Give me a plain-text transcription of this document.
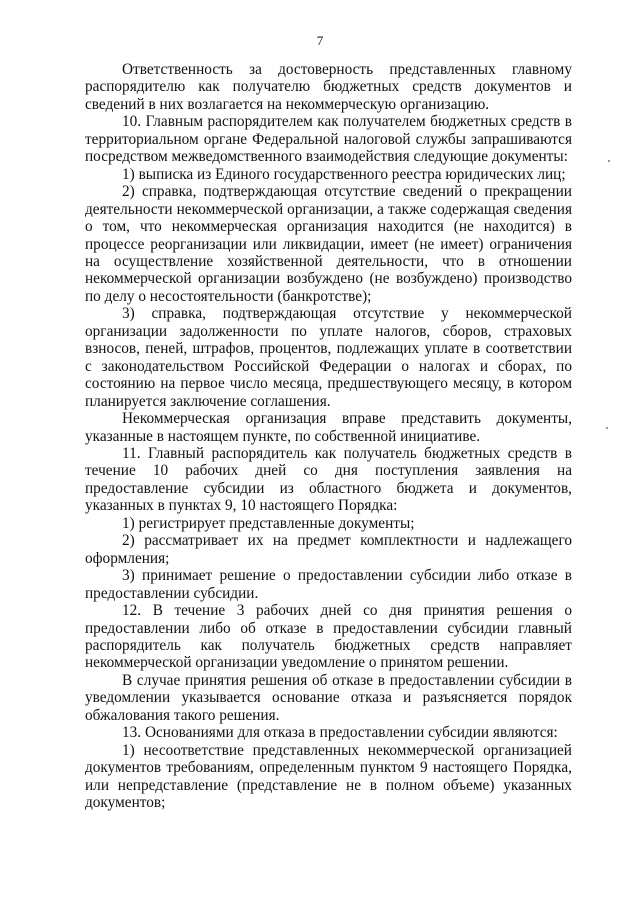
7

Ответственность за достоверность представленных главному распорядителю как получателю бюджетных средств документов и сведений в них возлагается на некоммерческую организацию.

10. Главным распорядителем как получателем бюджетных средств в территориальном органе Федеральной налоговой службы запрашиваются посредством межведомственного взаимодействия следующие документы:

1) выписка из Единого государственного реестра юридических лиц;

2) справка, подтверждающая отсутствие сведений о прекращении деятельности некоммерческой организации, а также содержащая сведения о том, что некоммерческая организация находится (не находится) в процессе реорганизации или ликвидации, имеет (не имеет) ограничения на осуществление хозяйственной деятельности, что в отношении некоммерческой организации возбуждено (не возбуждено) производство по делу о несостоятельности (банкротстве);

3) справка, подтверждающая отсутствие у некоммерческой организации задолженности по уплате налогов, сборов, страховых взносов, пеней, штрафов, процентов, подлежащих уплате в соответствии с законодательством Российской Федерации о налогах и сборах, по состоянию на первое число месяца, предшествующего месяцу, в котором планируется заключение соглашения.

Некоммерческая организация вправе представить документы, указанные в настоящем пункте, по собственной инициативе.

11. Главный распорядитель как получатель бюджетных средств в течение 10 рабочих дней со дня поступления заявления на предоставление субсидии из областного бюджета и документов, указанных в пунктах 9, 10 настоящего Порядка:

1) регистрирует представленные документы;

2) рассматривает их на предмет комплектности и надлежащего оформления;

3) принимает решение о предоставлении субсидии либо отказе в предоставлении субсидии.

12. В течение 3 рабочих дней со дня принятия решения о предоставлении либо об отказе в предоставлении субсидии главный распорядитель как получатель бюджетных средств направляет некоммерческой организации уведомление о принятом решении.

В случае принятия решения об отказе в предоставлении субсидии в уведомлении указывается основание отказа и разъясняется порядок обжалования такого решения.

13. Основаниями для отказа в предоставлении субсидии являются:

1) несоответствие представленных некоммерческой организацией документов требованиям, определенным пунктом 9 настоящего Порядка, или непредставление (представление не в полном объеме) указанных документов;
